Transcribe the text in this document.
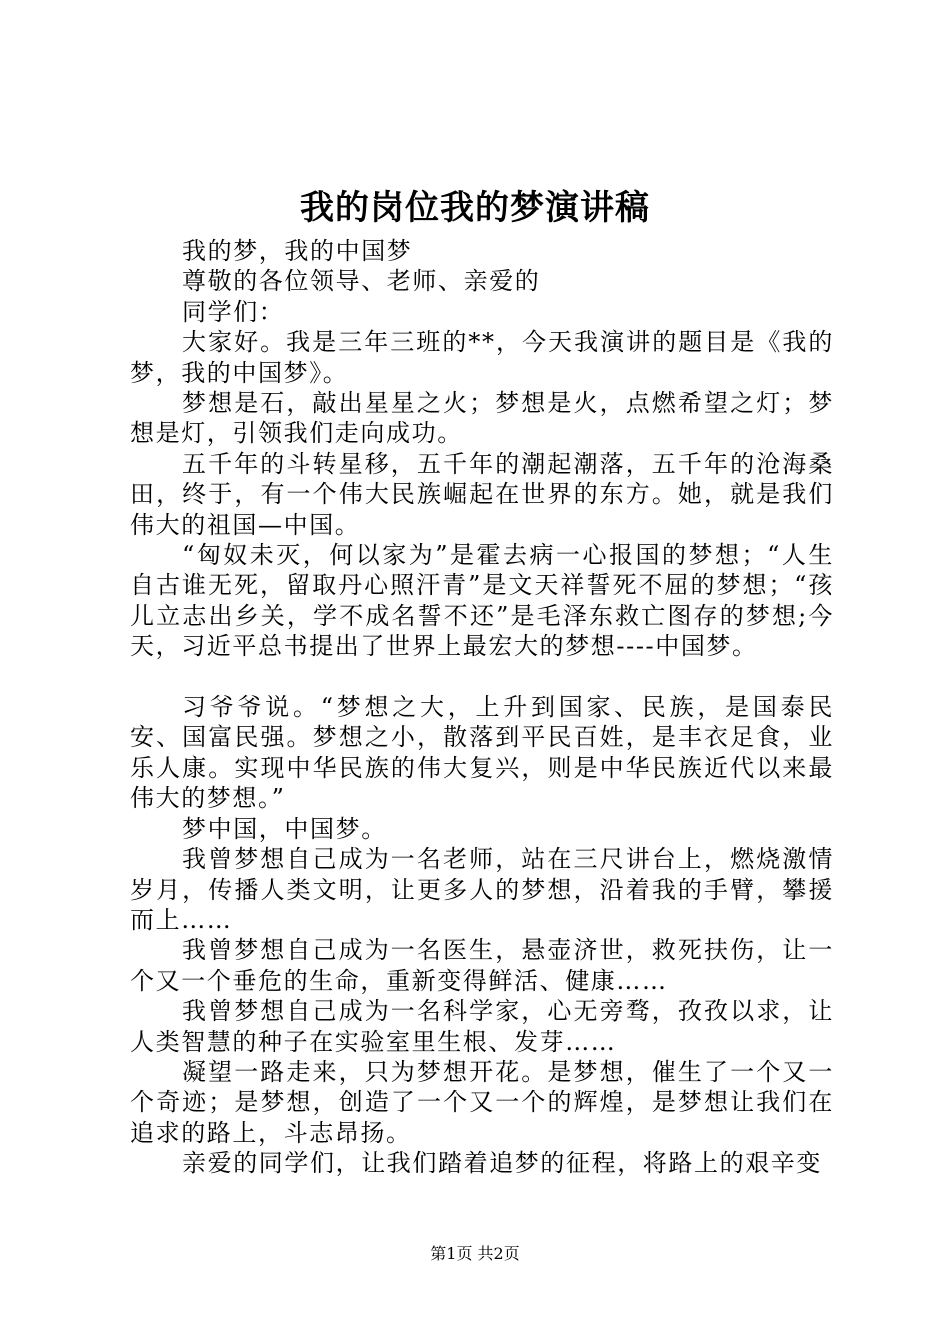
我的岗位我的梦演讲稿

我的梦，我的中国梦

尊敬的各位领导、老师、亲爱的

同学们：

大家好。我是三年三班的**，今天我演讲的题目是《我的梦，我的中国梦》。

梦想是石，敲出星星之火；梦想是火，点燃希望之灯；梦想是灯，引领我们走向成功。

五千年的斗转星移，五千年的潮起潮落，五千年的沧海桑田，终于，有一个伟大民族崛起在世界的东方。她，就是我们伟大的祖国—中国。

“匈奴未灭，何以家为”是霍去病一心报国的梦想；“人生自古谁无死，留取丹心照汗青”是文天祥誓死不屈的梦想；“孩儿立志出乡关，学不成名誓不还”是毛泽东救亡图存的梦想;今天，习近平总书提出了世界上最宏大的梦想----中国梦。

习爷爷说。“梦想之大，上升到国家、民族，是国泰民安、国富民强。梦想之小，散落到平民百姓，是丰衣足食，业乐人康。实现中华民族的伟大复兴，则是中华民族近代以来最伟大的梦想。”

梦中国，中国梦。

我曾梦想自己成为一名老师，站在三尺讲台上，燃烧激情岁月，传播人类文明，让更多人的梦想，沿着我的手臂，攀援而上……

我曾梦想自己成为一名医生，悬壶济世，救死扶伤，让一个又一个垂危的生命，重新变得鲜活、健康……

我曾梦想自己成为一名科学家，心无旁骛，孜孜以求，让人类智慧的种子在实验室里生根、发芽……

凝望一路走来，只为梦想开花。是梦想，催生了一个又一个奇迹；是梦想，创造了一个又一个的辉煌，是梦想让我们在追求的路上，斗志昂扬。

亲爱的同学们，让我们踏着追梦的征程，将路上的艰辛变

第1页 共2页
